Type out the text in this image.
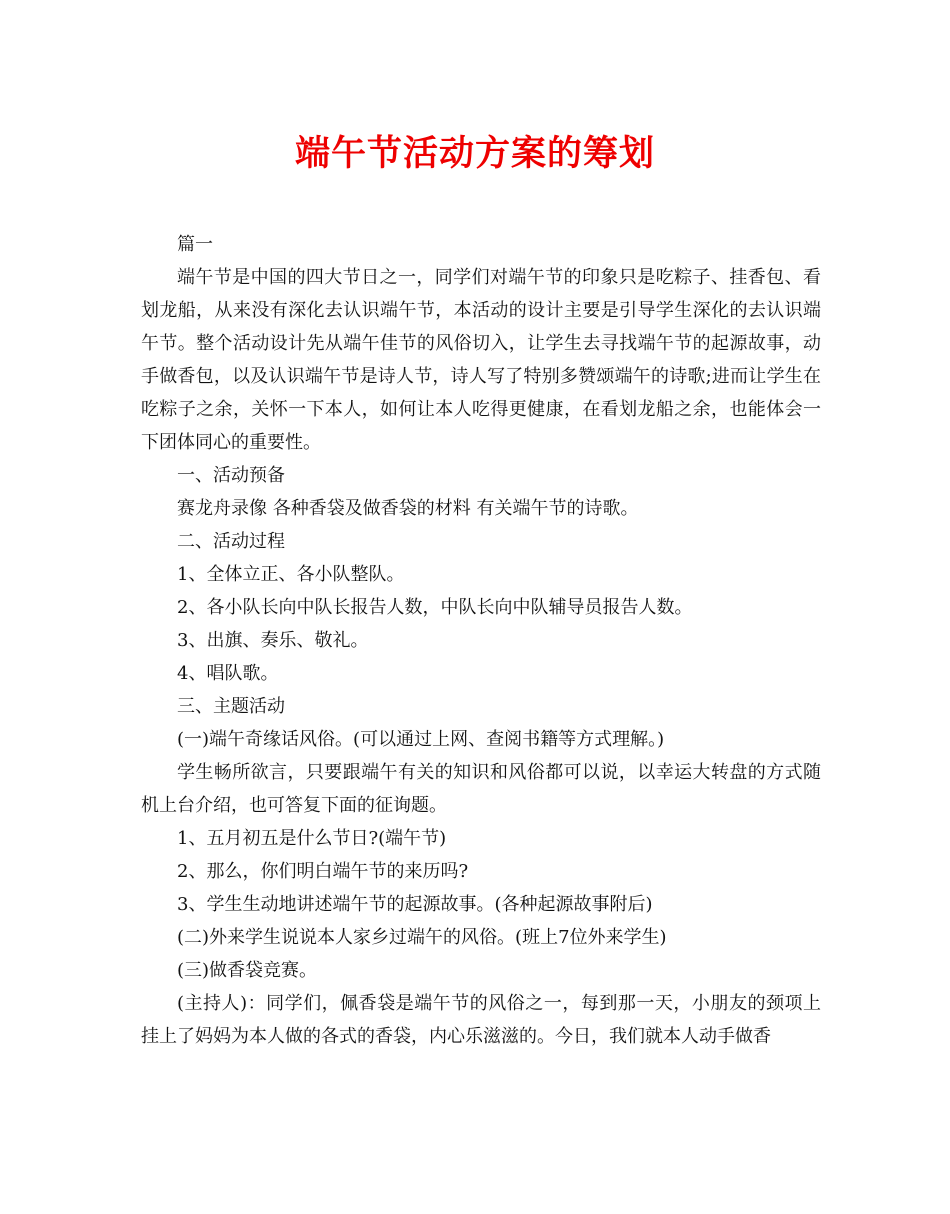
端午节活动方案的筹划

篇一

端午节是中国的四大节日之一，同学们对端午节的印象只是吃粽子、挂香包、看划龙船，从来没有深化去认识端午节，本活动的设计主要是引导学生深化的去认识端午节。整个活动设计先从端午佳节的风俗切入，让学生去寻找端午节的起源故事，动手做香包，以及认识端午节是诗人节，诗人写了特别多赞颂端午的诗歌;进而让学生在吃粽子之余，关怀一下本人，如何让本人吃得更健康，在看划龙船之余，也能体会一下团体同心的重要性。

一、活动预备

赛龙舟录像 各种香袋及做香袋的材料 有关端午节的诗歌。

二、活动过程

1、全体立正、各小队整队。

2、各小队长向中队长报告人数，中队长向中队辅导员报告人数。

3、出旗、奏乐、敬礼。

4、唱队歌。

三、主题活动

(一)端午奇缘话风俗。(可以通过上网、查阅书籍等方式理解。)

学生畅所欲言，只要跟端午有关的知识和风俗都可以说，以幸运大转盘的方式随机上台介绍，也可答复下面的征询题。

1、五月初五是什么节日?(端午节)

2、那么，你们明白端午节的来历吗?

3、学生生动地讲述端午节的起源故事。(各种起源故事附后)

(二)外来学生说说本人家乡过端午的风俗。(班上7位外来学生)

(三)做香袋竞赛。

(主持人)：同学们，佩香袋是端午节的风俗之一，每到那一天，小朋友的颈项上挂上了妈妈为本人做的各式的香袋，内心乐滋滋的。今日，我们就本人动手做香
